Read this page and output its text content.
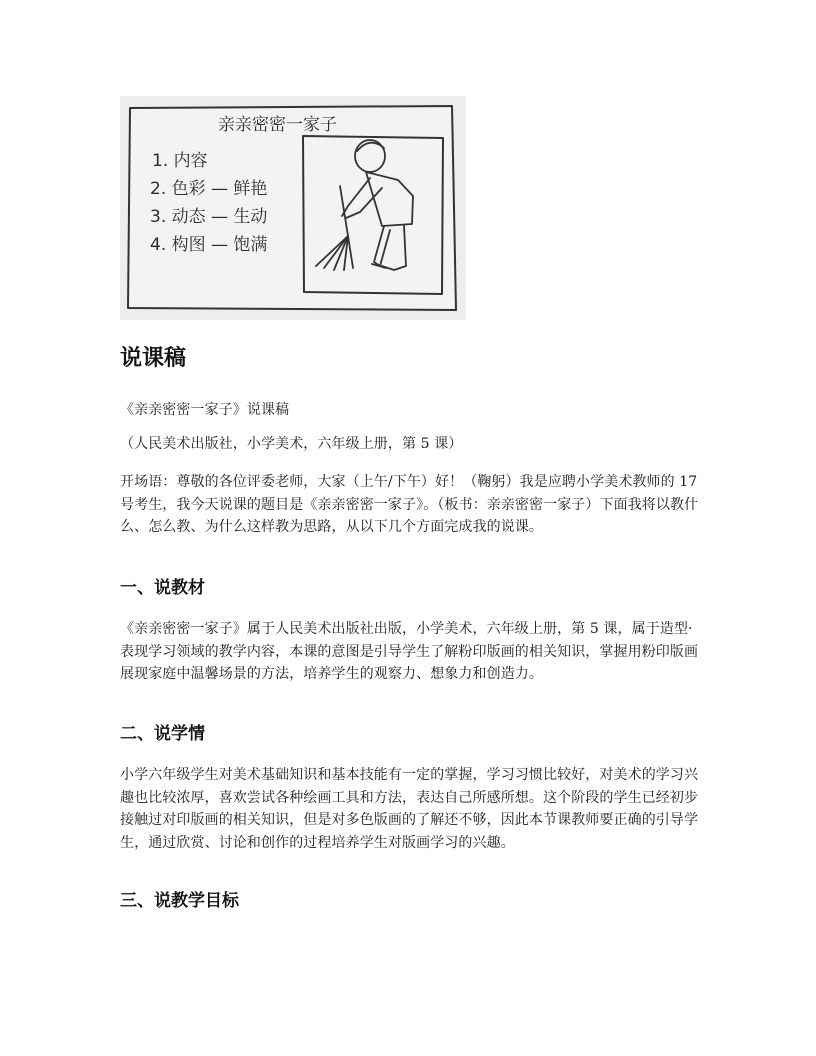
亲亲密密一家子
1. 内容
2. 色彩 — 鲜艳
3. 动态 — 生动
4. 构图 — 饱满
说课稿

《亲亲密密一家子》说课稿

（人民美术出版社，小学美术，六年级上册，第 5 课）

开场语：尊敬的各位评委老师，大家（上午/下午）好！（鞠躬）我是应聘小学美术教师的 17 号考生，我今天说课的题目是《亲亲密密一家子》。（板书：亲亲密密一家子）下面我将以教什么、怎么教、为什么这样教为思路，从以下几个方面完成我的说课。

一、说教材

《亲亲密密一家子》属于人民美术出版社出版，小学美术，六年级上册，第 5 课，属于造型·表现学习领域的教学内容，本课的意图是引导学生了解粉印版画的相关知识，掌握用粉印版画展现家庭中温馨场景的方法，培养学生的观察力、想象力和创造力。

二、说学情

小学六年级学生对美术基础知识和基本技能有一定的掌握，学习习惯比较好，对美术的学习兴趣也比较浓厚，喜欢尝试各种绘画工具和方法，表达自己所感所想。这个阶段的学生已经初步接触过对印版画的相关知识，但是对多色版画的了解还不够，因此本节课教师要正确的引导学生，通过欣赏、讨论和创作的过程培养学生对版画学习的兴趣。

三、说教学目标
